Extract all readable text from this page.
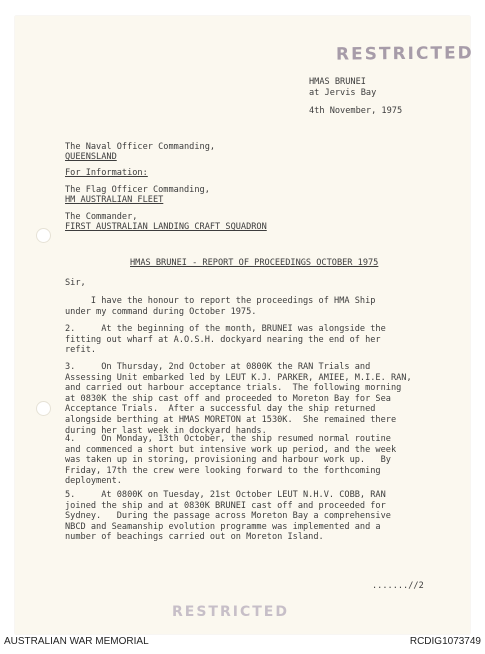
RESTRICTED
HMAS BRUNEI
at Jervis Bay
4th November, 1975
The Naval Officer Commanding,
QUEENSLAND
For Information:
The Flag Officer Commanding,
HM AUSTRALIAN FLEET
The Commander,
FIRST AUSTRALIAN LANDING CRAFT SQUADRON
HMAS BRUNEI - REPORT OF PROCEEDINGS OCTOBER 1975
Sir,
I have the honour to report the proceedings of HMA Ship
under my command during October 1975.
2.     At the beginning of the month, BRUNEI was alongside the
fitting out wharf at A.O.S.H. dockyard nearing the end of her
refit.
3.     On Thursday, 2nd October at 0800K the RAN Trials and
Assessing Unit embarked led by LEUT K.J. PARKER, AMIEE, M.I.E. RAN,
and carried out harbour acceptance trials.  The following morning
at 0830K the ship cast off and proceeded to Moreton Bay for Sea
Acceptance Trials.  After a successful day the ship returned
alongside berthing at HMAS MORETON at 1530K.  She remained there
during her last week in dockyard hands.
4.     On Monday, 13th October, the ship resumed normal routine
and commenced a short but intensive work up period, and the week
was taken up in storing, provisioning and harbour work up.   By
Friday, 17th the crew were looking forward to the forthcoming
deployment.
5.     At 0800K on Tuesday, 21st October LEUT N.H.V. COBB, RAN
joined the ship and at 0830K BRUNEI cast off and proceeded for
Sydney.   During the passage across Moreton Bay a comprehensive
NBCD and Seamanship evolution programme was implemented and a
number of beachings carried out on Moreton Island.
.......//2
RESTRICTED
AUSTRALIAN WAR MEMORIAL	RCDIG1073749
